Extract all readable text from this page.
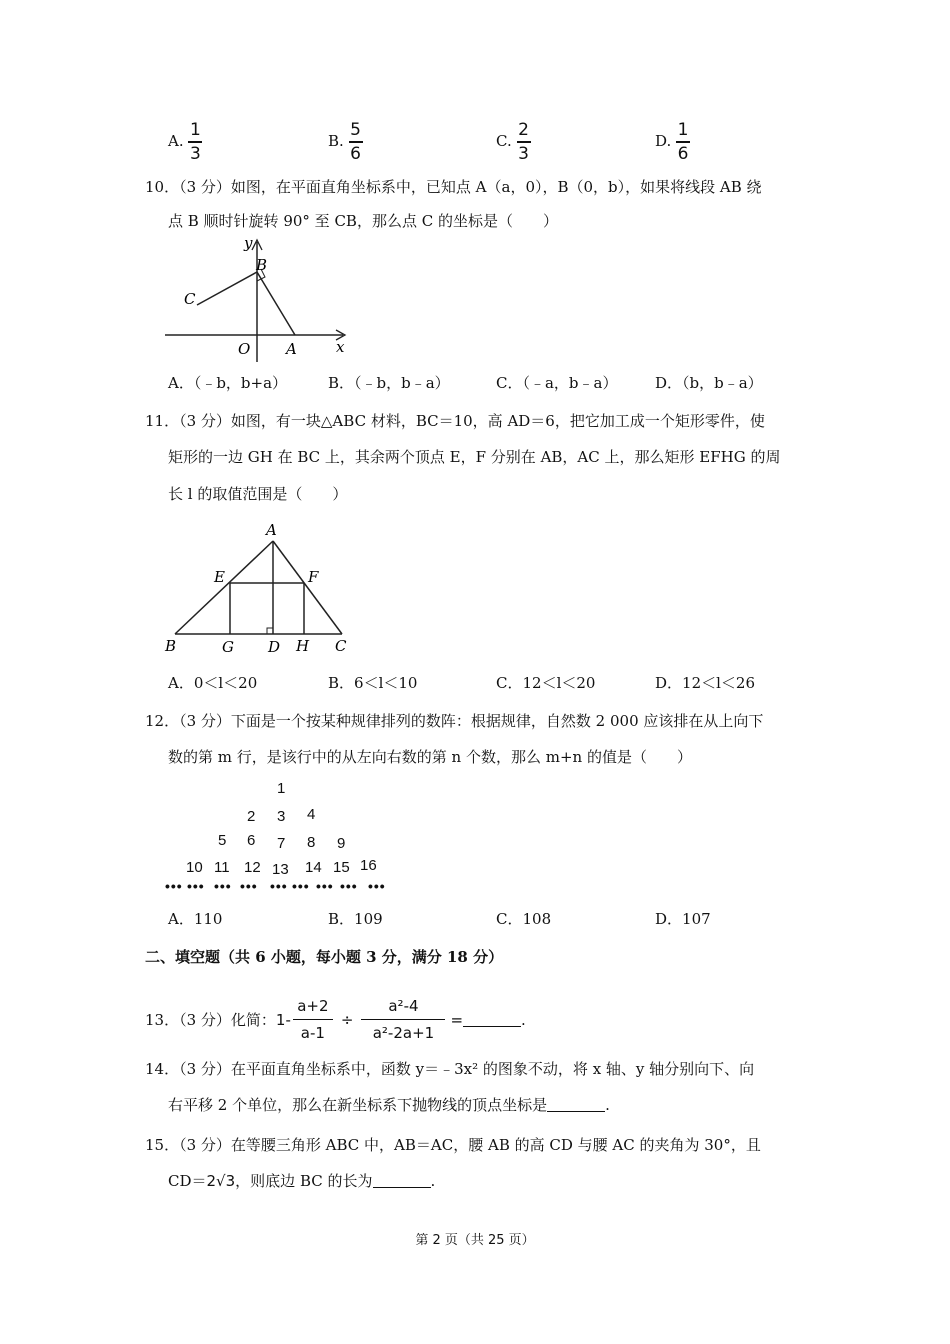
A. $\frac{1}{3}$	B. $\frac{5}{6}$	C. $\frac{2}{3}$	D. $\frac{1}{6}$
10．（3 分）如图，在平面直角坐标系中，已知点 A（a，0），B（0，b），如果将线段 AB 绕
点 B 顺时针旋转 90° 至 CB，那么点 C 的坐标是（　　）
y
B
C
O A	x
A．（﹣b，b+a）	B．（﹣b，b﹣a）	C．（﹣a，b﹣a）	D．（b，b﹣a）
11．（3 分）如图，有一块△ABC 材料，BC＝10，高 AD＝6，把它加工成一个矩形零件，使
矩形的一边 GH 在 BC 上，其余两个顶点 E，F 分别在 AB，AC 上，那么矩形 EFHG 的周
长 l 的取值范围是（　　）
A
E	F
B	G D H C
A．0＜l＜20	B．6＜l＜10	C．12＜l＜20	D．12＜l＜26
12．（3 分）下面是一个按某种规律排列的数阵：根据规律，自然数 2 000 应该排在从上向下
数的第 m 行，是该行中的从左向右数的第 n 个数，那么 m+n 的值是（　　）
1
2 3 4
5 6 7 8 9
10 11 12 13 14 15 16
••• ••• ••• ••• ••• ••• ••• ••• •••
A．110	B．109	C．108	D．107
二、填空题（共 6 小题，每小题 3 分，满分 18 分）
13．（3 分）化简： 1 -
a+2
a-1
÷
a²-4
a²-2a+1
=	.
14．（3 分）在平面直角坐标系中，函数 y＝﹣3x² 的图象不动，将 x 轴、y 轴分别向下、向
右平移 2 个单位，那么在新坐标系下抛物线的顶点坐标是	.
15．（3 分）在等腰三角形 ABC 中，AB＝AC，腰 AB 的高 CD 与腰 AC 的夹角为 30°，且
CD＝2√3，则底边 BC 的长为	.
第 2 页（共 25 页）
